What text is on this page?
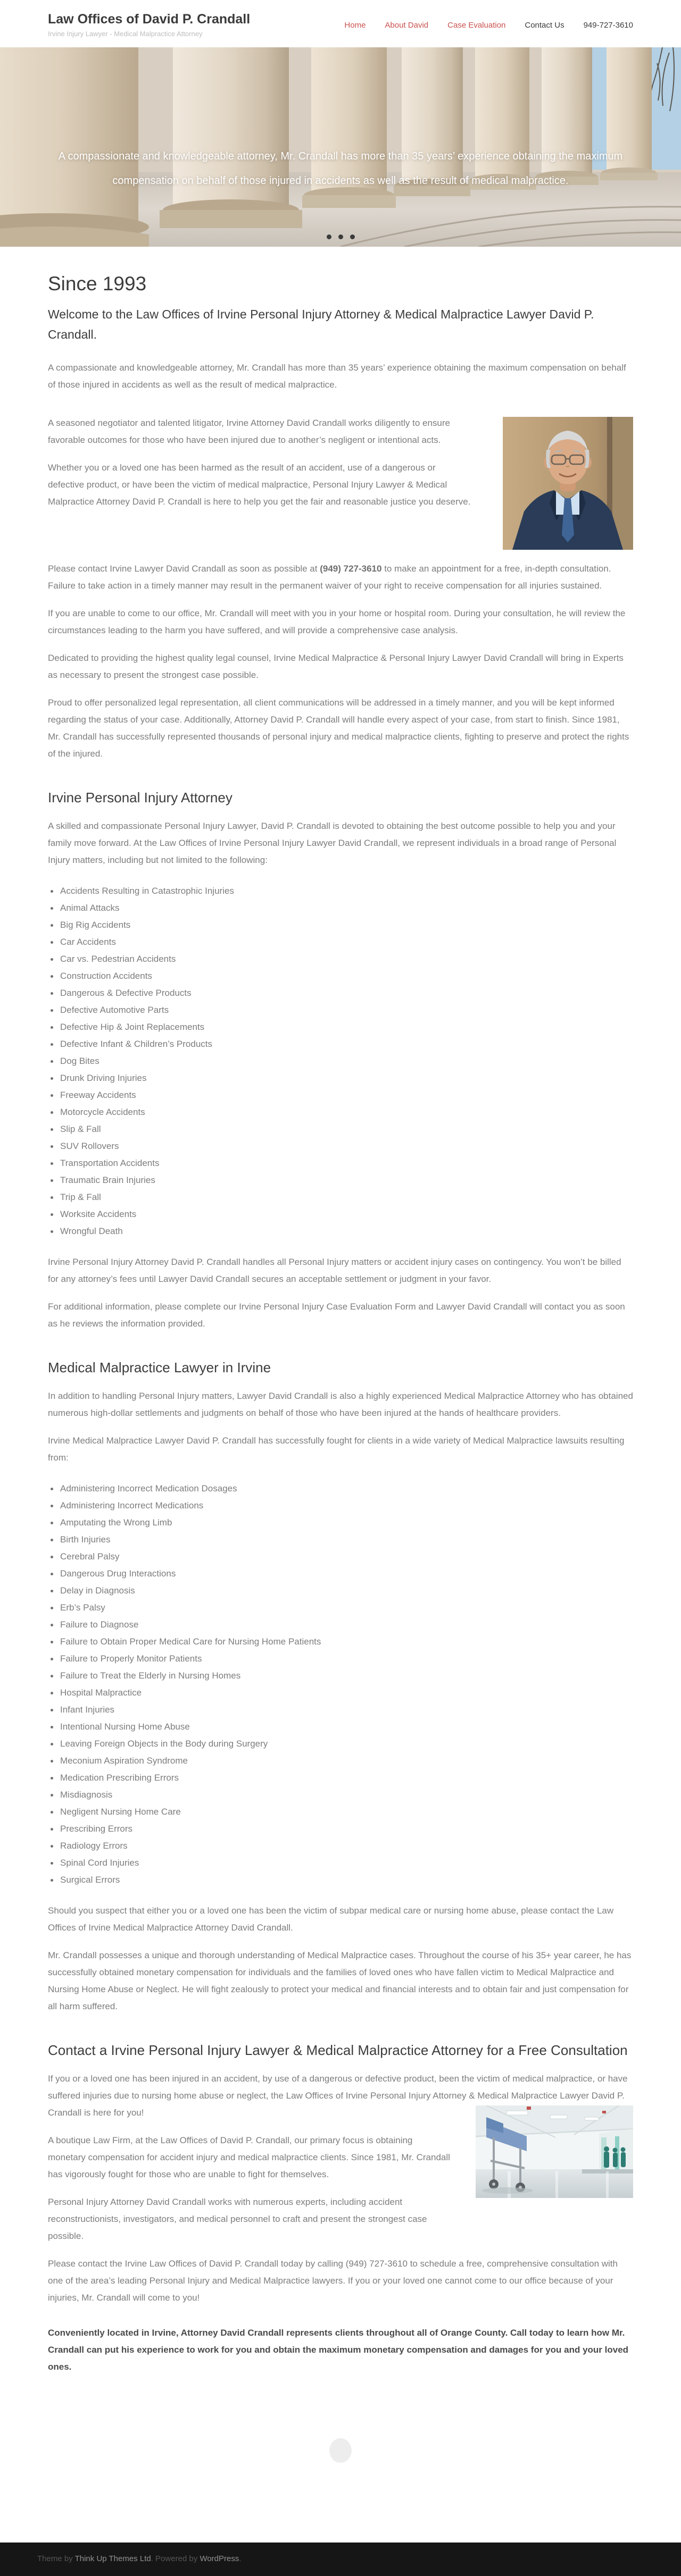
Law Offices of David P. Crandall
Irvine Injury Lawyer - Medical Malpractice Attorney
Home About David Case Evaluation Contact Us 949-727-3610
A compassionate and knowledgeable attorney, Mr. Crandall has more than 35 years’ experience obtaining the maximum compensation on behalf of those injured in accidents as well as the result of medical malpractice.
Since 1993
Welcome to the Law Offices of Irvine Personal Injury Attorney & Medical Malpractice Lawyer David P. Crandall.

A compassionate and knowledgeable attorney, Mr. Crandall has more than 35 years’ experience obtaining the maximum compensation on behalf of those injured in accidents as well as the result of medical malpractice.

A seasoned negotiator and talented litigator, Irvine Attorney David Crandall works diligently to ensure favorable outcomes for those who have been injured due to another’s negligent or intentional acts.

Whether you or a loved one has been harmed as the result of an accident, use of a dangerous or defective product, or have been the victim of medical malpractice, Personal Injury Lawyer & Medical Malpractice Attorney David P. Crandall is here to help you get the fair and reasonable justice you deserve.

Please contact Irvine Lawyer David Crandall as soon as possible at (949) 727-3610 to make an appointment for a free, in-depth consultation. Failure to take action in a timely manner may result in the permanent waiver of your right to receive compensation for all injuries sustained.

If you are unable to come to our office, Mr. Crandall will meet with you in your home or hospital room. During your consultation, he will review the circumstances leading to the harm you have suffered, and will provide a comprehensive case analysis.

Dedicated to providing the highest quality legal counsel, Irvine Medical Malpractice & Personal Injury Lawyer David Crandall will bring in Experts as necessary to present the strongest case possible.

Proud to offer personalized legal representation, all client communications will be addressed in a timely manner, and you will be kept informed regarding the status of your case. Additionally, Attorney David P. Crandall will handle every aspect of your case, from start to finish. Since 1981, Mr. Crandall has successfully represented thousands of personal injury and medical malpractice clients, fighting to preserve and protect the rights of the injured.

Irvine Personal Injury Attorney

A skilled and compassionate Personal Injury Lawyer, David P. Crandall is devoted to obtaining the best outcome possible to help you and your family move forward. At the Law Offices of Irvine Personal Injury Lawyer David Crandall, we represent individuals in a broad range of Personal Injury matters, including but not limited to the following:

Accidents Resulting in Catastrophic Injuries
Animal Attacks
Big Rig Accidents
Car Accidents
Car vs. Pedestrian Accidents
Construction Accidents
Dangerous & Defective Products
Defective Automotive Parts
Defective Hip & Joint Replacements
Defective Infant & Children’s Products
Dog Bites
Drunk Driving Injuries
Freeway Accidents
Motorcycle Accidents
Slip & Fall
SUV Rollovers
Transportation Accidents
Traumatic Brain Injuries
Trip & Fall
Worksite Accidents
Wrongful Death

Irvine Personal Injury Attorney David P. Crandall handles all Personal Injury matters or accident injury cases on contingency. You won’t be billed for any attorney’s fees until Lawyer David Crandall secures an acceptable settlement or judgment in your favor.

For additional information, please complete our Irvine Personal Injury Case Evaluation Form and Lawyer David Crandall will contact you as soon as he reviews the information provided.

Medical Malpractice Lawyer in Irvine

In addition to handling Personal Injury matters, Lawyer David Crandall is also a highly experienced Medical Malpractice Attorney who has obtained numerous high-dollar settlements and judgments on behalf of those who have been injured at the hands of healthcare providers.

Irvine Medical Malpractice Lawyer David P. Crandall has successfully fought for clients in a wide variety of Medical Malpractice lawsuits resulting from:

Administering Incorrect Medication Dosages
Administering Incorrect Medications
Amputating the Wrong Limb
Birth Injuries
Cerebral Palsy
Dangerous Drug Interactions
Delay in Diagnosis
Erb’s Palsy
Failure to Diagnose
Failure to Obtain Proper Medical Care for Nursing Home Patients
Failure to Properly Monitor Patients
Failure to Treat the Elderly in Nursing Homes
Hospital Malpractice
Infant Injuries
Intentional Nursing Home Abuse
Leaving Foreign Objects in the Body during Surgery
Meconium Aspiration Syndrome
Medication Prescribing Errors
Misdiagnosis
Negligent Nursing Home Care
Prescribing Errors
Radiology Errors
Spinal Cord Injuries
Surgical Errors

Should you suspect that either you or a loved one has been the victim of subpar medical care or nursing home abuse, please contact the Law Offices of Irvine Medical Malpractice Attorney David Crandall.

Mr. Crandall possesses a unique and thorough understanding of Medical Malpractice cases. Throughout the course of his 35+ year career, he has successfully obtained monetary compensation for individuals and the families of loved ones who have fallen victim to Medical Malpractice and Nursing Home Abuse or Neglect. He will fight zealously to protect your medical and financial interests and to obtain fair and just compensation for all harm suffered.

Contact a Irvine Personal Injury Lawyer & Medical Malpractice Attorney for a Free Consultation

If you or a loved one has been injured in an accident, by use of a dangerous or defective product, been the victim of medical malpractice, or have suffered injuries due to nursing home abuse or neglect, the Law Offices of Irvine Personal Injury Attorney & Medical Malpractice Lawyer David P. Crandall is here for you!

A boutique Law Firm, at the Law Offices of David P. Crandall, our primary focus is obtaining monetary compensation for accident injury and medical malpractice clients. Since 1981, Mr. Crandall has vigorously fought for those who are unable to fight for themselves.

Personal Injury Attorney David Crandall works with numerous experts, including accident reconstructionists, investigators, and medical personnel to craft and present the strongest case possible.

Please contact the Irvine Law Offices of David P. Crandall today by calling (949) 727-3610 to schedule a free, comprehensive consultation with one of the area’s leading Personal Injury and Medical Malpractice lawyers. If you or your loved one cannot come to our office because of your injuries, Mr. Crandall will come to you!

Conveniently located in Irvine, Attorney David Crandall represents clients throughout all of Orange County. Call today to learn how Mr. Crandall can put his experience to work for you and obtain the maximum monetary compensation and damages for you and your loved ones.

Theme by Think Up Themes Ltd. Powered by WordPress.
